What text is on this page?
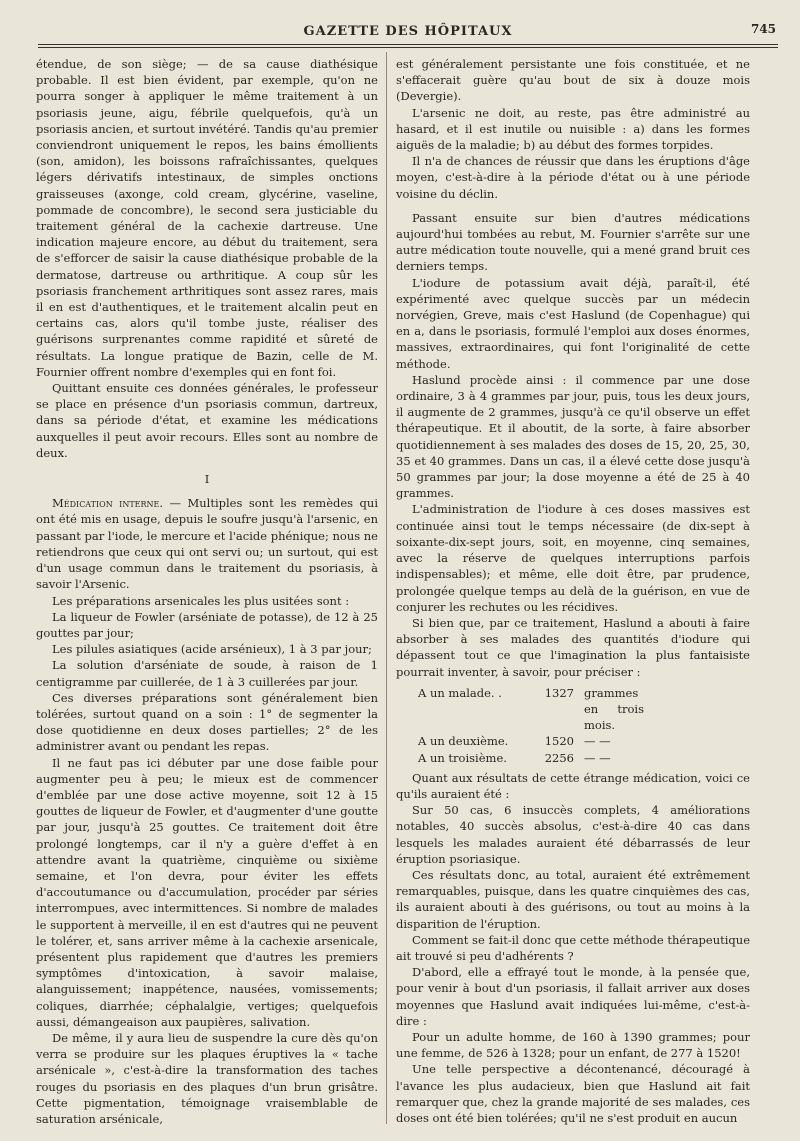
GAZETTE DES HÔPITAUX	745

étendue, de son siège; — de sa cause diathésique probable. Il est bien évident, par exemple, qu'on ne pourra songer à appliquer le même traitement à un psoriasis jeune, aigu, fébrile quelquefois, qu'à un psoriasis ancien, et surtout invétéré. Tandis qu'au premier conviendront uniquement le repos, les bains émollients (son, amidon), les boissons rafraîchissantes, quelques légers dérivatifs intestinaux, de simples onctions graisseuses (axonge, cold cream, glycérine, vaseline, pommade de concombre), le second sera justiciable du traitement général de la cachexie dartreuse. Une indication majeure encore, au début du traitement, sera de s'efforcer de saisir la cause diathésique probable de la dermatose, dartreuse ou arthritique. A coup sûr les psoriasis franchement arthritiques sont assez rares, mais il en est d'authentiques, et le traitement alcalin peut en certains cas, alors qu'il tombe juste, réaliser des guérisons surprenantes comme rapidité et sûreté de résultats. La longue pratique de Bazin, celle de M. Fournier offrent nombre d'exemples qui en font foi.

Quittant ensuite ces données générales, le professeur se place en présence d'un psoriasis commun, dartreux, dans sa période d'état, et examine les médications auxquelles il peut avoir recours. Elles sont au nombre de deux.

I

Médication interne. — Multiples sont les remèdes qui ont été mis en usage, depuis le soufre jusqu'à l'arsenic, en passant par l'iode, le mercure et l'acide phénique; nous ne retiendrons que ceux qui ont servi ou; un surtout, qui est d'un usage commun dans le traitement du psoriasis, à savoir l'Arsenic.

Les préparations arsenicales les plus usitées sont :

La liqueur de Fowler (arséniate de potasse), de 12 à 25 gouttes par jour;

Les pilules asiatiques (acide arsénieux), 1 à 3 par jour;

La solution d'arséniate de soude, à raison de 1 centigramme par cuillerée, de 1 à 3 cuillerées par jour.

Ces diverses préparations sont généralement bien tolérées, surtout quand on a soin : 1° de segmenter la dose quotidienne en deux doses partielles; 2° de les administrer avant ou pendant les repas.

Il ne faut pas ici débuter par une dose faible pour augmenter peu à peu; le mieux est de commencer d'emblée par une dose active moyenne, soit 12 à 15 gouttes de liqueur de Fowler, et d'augmenter d'une goutte par jour, jusqu'à 25 gouttes. Ce traitement doit être prolongé longtemps, car il n'y a guère d'effet à en attendre avant la quatrième, cinquième ou sixième semaine, et l'on devra, pour éviter les effets d'accoutumance ou d'accumulation, procéder par séries interrompues, avec intermittences. Si nombre de malades le supportent à merveille, il en est d'autres qui ne peuvent le tolérer, et, sans arriver même à la cachexie arsenicale, présentent plus rapidement que d'autres les premiers symptômes d'intoxication, à savoir malaise, alanguissement; inappétence, nausées, vomissements; coliques, diarrhée; céphalalgie, vertiges; quelquefois aussi, démangeaison aux paupières, salivation.

De même, il y aura lieu de suspendre la cure dès qu'on verra se produire sur les plaques éruptives la « tache arsénicale », c'est-à-dire la transformation des taches rouges du psoriasis en des plaques d'un brun grisâtre. Cette pigmentation, témoignage vraisemblable de saturation arsénicale,

est généralement persistante une fois constituée, et ne s'effacerait guère qu'au bout de six à douze mois (Devergie).

L'arsenic ne doit, au reste, pas être administré au hasard, et il est inutile ou nuisible : a) dans les formes aiguës de la maladie; b) au début des formes torpides.

Il n'a de chances de réussir que dans les éruptions d'âge moyen, c'est-à-dire à la période d'état ou à une période voisine du déclin.

Passant ensuite sur bien d'autres médications aujourd'hui tombées au rebut, M. Fournier s'arrête sur une autre médication toute nouvelle, qui a mené grand bruit ces derniers temps.

L'iodure de potassium avait déjà, paraît-il, été expérimenté avec quelque succès par un médecin norvégien, Greve, mais c'est Haslund (de Copenhague) qui en a, dans le psoriasis, formulé l'emploi aux doses énormes, massives, extraordinaires, qui font l'originalité de cette méthode.

Haslund procède ainsi : il commence par une dose ordinaire, 3 à 4 grammes par jour, puis, tous les deux jours, il augmente de 2 grammes, jusqu'à ce qu'il observe un effet thérapeutique. Et il aboutit, de la sorte, à faire absorber quotidiennement à ses malades des doses de 15, 20, 25, 30, 35 et 40 grammes. Dans un cas, il a élevé cette dose jusqu'à 50 grammes par jour; la dose moyenne a été de 25 à 40 grammes.

L'administration de l'iodure à ces doses massives est continuée ainsi tout le temps nécessaire (de dix-sept à soixante-dix-sept jours, soit, en moyenne, cinq semaines, avec la réserve de quelques interruptions parfois indispensables); et même, elle doit être, par prudence, prolongée quelque temps au delà de la guérison, en vue de conjurer les rechutes ou les récidives.

Si bien que, par ce traitement, Haslund a abouti à faire absorber à ses malades des quantités d'iodure qui dépassent tout ce que l'imagination la plus fantaisiste pourrait inventer, à savoir, pour préciser :

A un malade. .	1327 grammes en trois mois.
A un deuxième.	1520 — —
A un troisième.	2256 — —

Quant aux résultats de cette étrange médication, voici ce qu'ils auraient été :

Sur 50 cas, 6 insuccès complets, 4 améliorations notables, 40 succès absolus, c'est-à-dire 40 cas dans lesquels les malades auraient été débarrassés de leur éruption psoriasique.

Ces résultats donc, au total, auraient été extrêmement remarquables, puisque, dans les quatre cinquièmes des cas, ils auraient abouti à des guérisons, ou tout au moins à la disparition de l'éruption.

Comment se fait-il donc que cette méthode thérapeutique ait trouvé si peu d'adhérents ?

D'abord, elle a effrayé tout le monde, à la pensée que, pour venir à bout d'un psoriasis, il fallait arriver aux doses moyennes que Haslund avait indiquées lui-même, c'est-à-dire :

Pour un adulte homme, de 160 à 1390 grammes; pour une femme, de 526 à 1328; pour un enfant, de 277 à 1520!

Une telle perspective a décontenancé, découragé à l'avance les plus audacieux, bien que Haslund ait fait remarquer que, chez la grande majorité de ses malades, ces doses ont été bien tolérées; qu'il ne s'est produit en aucun
